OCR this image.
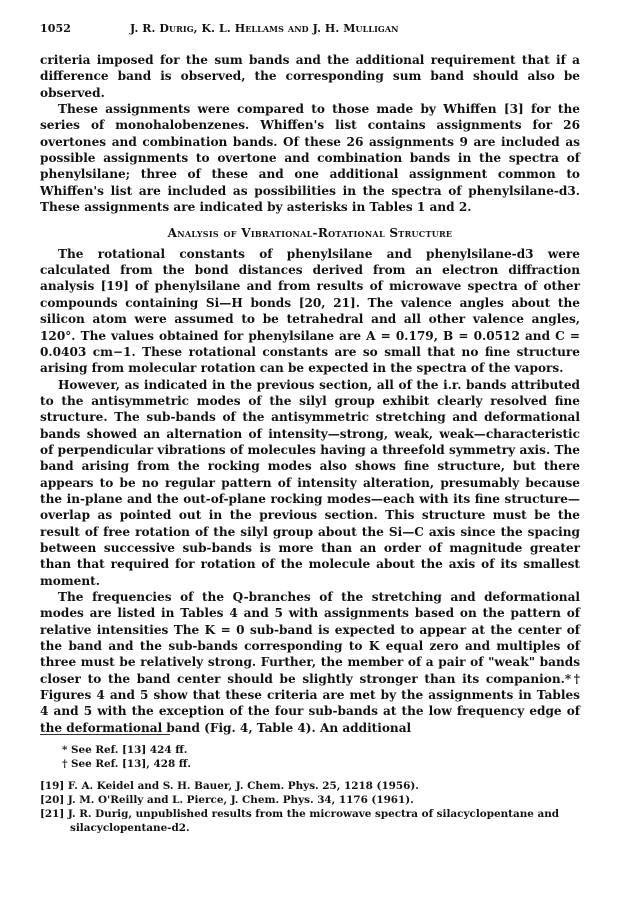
1052	J. R. Durig, K. L. Hellams and J. H. Mulligan

criteria imposed for the sum bands and the additional requirement that if a difference band is observed, the corresponding sum band should also be observed.

These assignments were compared to those made by Whiffen [3] for the series of monohalobenzenes. Whiffen's list contains assignments for 26 overtones and combination bands. Of these 26 assignments 9 are included as possible assignments to overtone and combination bands in the spectra of phenylsilane; three of these and one additional assignment common to Whiffen's list are included as possibilities in the spectra of phenylsilane-d3. These assignments are indicated by asterisks in Tables 1 and 2.

Analysis of Vibrational-Rotational Structure

The rotational constants of phenylsilane and phenylsilane-d3 were calculated from the bond distances derived from an electron diffraction analysis [19] of phenylsilane and from results of microwave spectra of other compounds containing Si—H bonds [20, 21]. The valence angles about the silicon atom were assumed to be tetrahedral and all other valence angles, 120°. The values obtained for phenylsilane are A = 0.179, B = 0.0512 and C = 0.0403 cm−1. These rotational constants are so small that no fine structure arising from molecular rotation can be expected in the spectra of the vapors.

However, as indicated in the previous section, all of the i.r. bands attributed to the antisymmetric modes of the silyl group exhibit clearly resolved fine structure. The sub-bands of the antisymmetric stretching and deformational bands showed an alternation of intensity—strong, weak, weak—characteristic of perpendicular vibrations of molecules having a threefold symmetry axis. The band arising from the rocking modes also shows fine structure, but there appears to be no regular pattern of intensity alteration, presumably because the in-plane and the out-of-plane rocking modes—each with its fine structure—overlap as pointed out in the previous section. This structure must be the result of free rotation of the silyl group about the Si—C axis since the spacing between successive sub-bands is more than an order of magnitude greater than that required for rotation of the molecule about the axis of its smallest moment.

The frequencies of the Q-branches of the stretching and deformational modes are listed in Tables 4 and 5 with assignments based on the pattern of relative intensities The K = 0 sub-band is expected to appear at the center of the band and the sub-bands corresponding to K equal zero and multiples of three must be relatively strong. Further, the member of a pair of "weak" bands closer to the band center should be slightly stronger than its companion.*† Figures 4 and 5 show that these criteria are met by the assignments in Tables 4 and 5 with the exception of the four sub-bands at the low frequency edge of the deformational band (Fig. 4, Table 4). An additional

* See Ref. [13] 424 ff.

† See Ref. [13], 428 ff.

[19] F. A. Keidel and S. H. Bauer, J. Chem. Phys. 25, 1218 (1956).

[20] J. M. O'Reilly and L. Pierce, J. Chem. Phys. 34, 1176 (1961).

[21] J. R. Durig, unpublished results from the microwave spectra of silacyclopentane and silacyclopentane-d2.
